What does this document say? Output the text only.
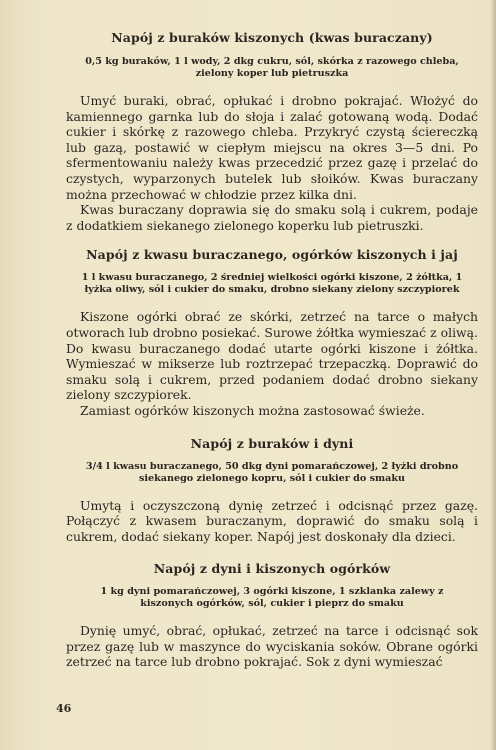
Napój z buraków kiszonych (kwas buraczany)
0,5 kg buraków, 1 l wody, 2 dkg cukru, sól, skórka z razowego chleba, zielony koper lub pietruszka

Umyć buraki, obrać, opłukać i drobno pokrajać. Włożyć do kamiennego garnka lub do słoja i zalać gotowaną wodą. Dodać cukier i skórkę z razowego chleba. Przykryć czystą ściereczką lub gazą, postawić w ciepłym miejscu na okres 3—5 dni. Po sfermentowaniu należy kwas przecedzić przez gazę i przelać do czystych, wyparzonych butelek lub słoików. Kwas buraczany można przechować w chłodzie przez kilka dni.

Kwas buraczany doprawia się do smaku solą i cukrem, podaje z dodatkiem siekanego zielonego koperku lub pietruszki.

Napój z kwasu buraczanego, ogórków kiszonych i jaj
1 l kwasu buraczanego, 2 średniej wielkości ogórki kiszone, 2 żółtka, 1 łyżka oliwy, sól i cukier do smaku, drobno siekany zielony szczypiorek

Kiszone ogórki obrać ze skórki, zetrzeć na tarce o małych otworach lub drobno posiekać. Surowe żółtka wymieszać z oliwą. Do kwasu buraczanego dodać utarte ogórki kiszone i żółtka. Wymieszać w mikserze lub roztrzepać trzepaczką. Doprawić do smaku solą i cukrem, przed podaniem dodać drobno siekany zielony szczypiorek.

Zamiast ogórków kiszonych można zastosować świeże.

Napój z buraków i dyni
3/4 l kwasu buraczanego, 50 dkg dyni pomarańczowej, 2 łyżki drobno siekanego zielonego kopru, sól i cukier do smaku

Umytą i oczyszczoną dynię zetrzeć i odcisnąć przez gazę. Połączyć z kwasem buraczanym, doprawić do smaku solą i cukrem, dodać siekany koper. Napój jest doskonały dla dzieci.

Napój z dyni i kiszonych ogórków
1 kg dyni pomarańczowej, 3 ogórki kiszone, 1 szklanka zalewy z kiszonych ogórków, sól, cukier i pieprz do smaku

Dynię umyć, obrać, opłukać, zetrzeć na tarce i odcisnąć sok przez gazę lub w maszynce do wyciskania soków. Obrane ogórki zetrzeć na tarce lub drobno pokrajać. Sok z dyni wymieszać

46
